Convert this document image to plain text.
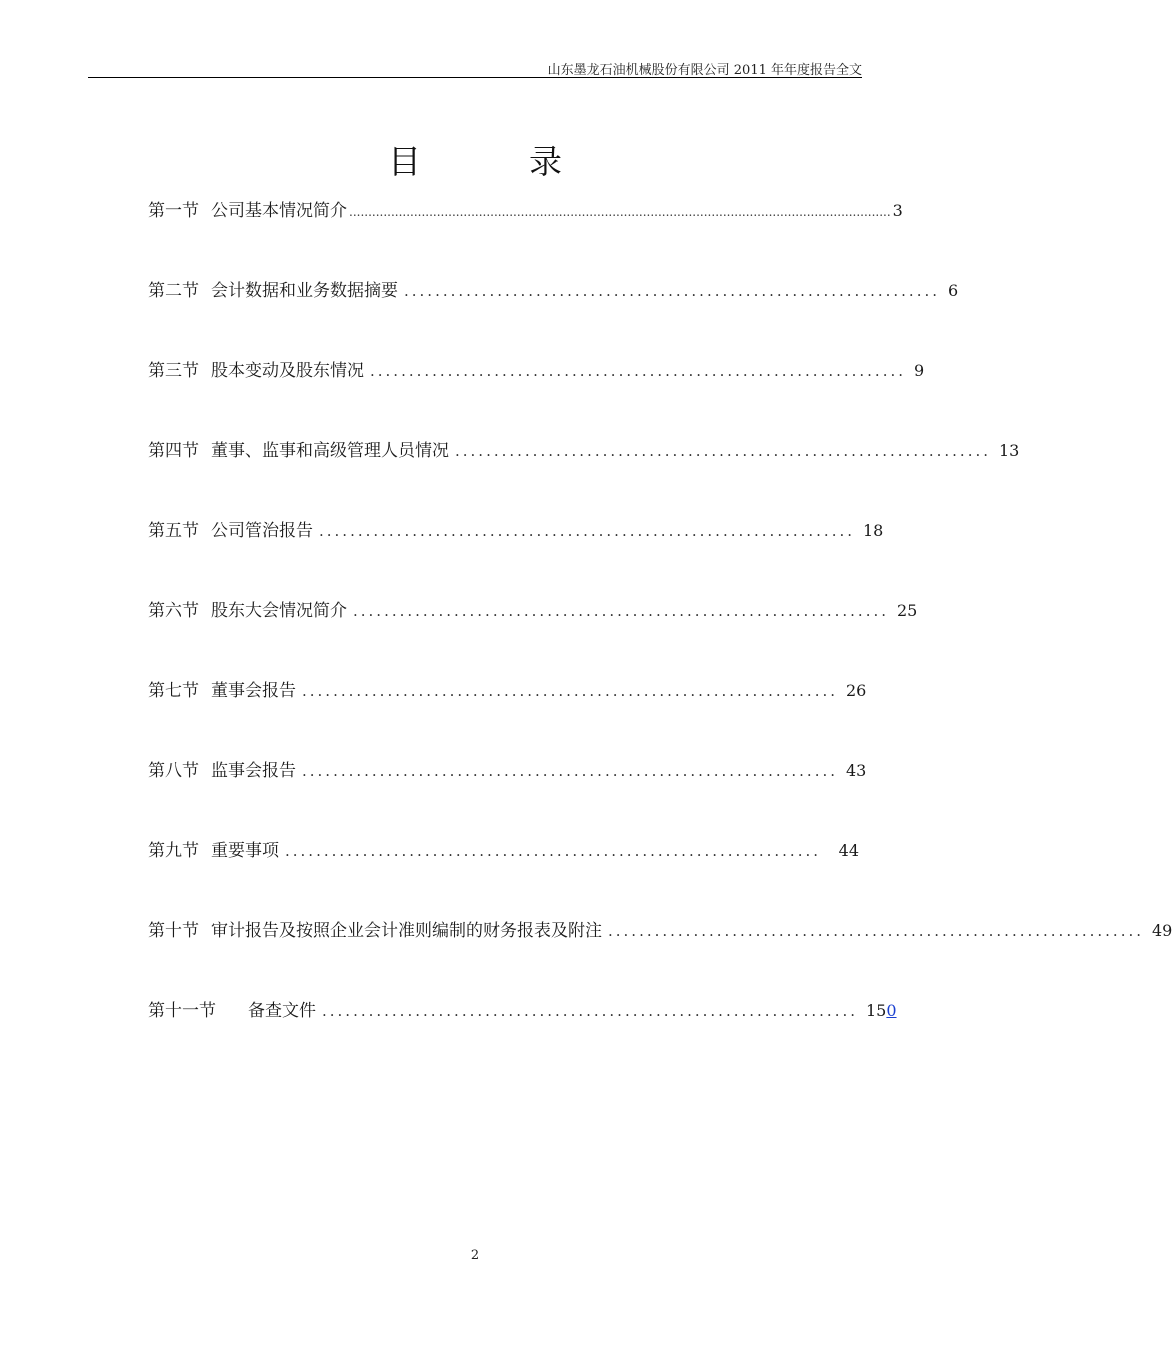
山东墨龙石油机械股份有限公司 2011 年年度报告全文
目录
第一节 公司基本情况简介 .............................................................................................................................................. 3
第二节 会计数据和业务数据摘要 ..................................................................... 6
第三节 股本变动及股东情况 ..................................................................... 9
第四节 董事、监事和高级管理人员情况 ..................................................................... 13
第五节 公司管治报告 ..................................................................... 18
第六节 股东大会情况简介 ..................................................................... 25
第七节 董事会报告 ..................................................................... 26
第八节 监事会报告 ..................................................................... 43
第九节 重要事项 .....................................................................	44
第十节 审计报告及按照企业会计准则编制的财务报表及附注 ..................................................................... 49
第十一节 备查文件 ..................................................................... 150
2
